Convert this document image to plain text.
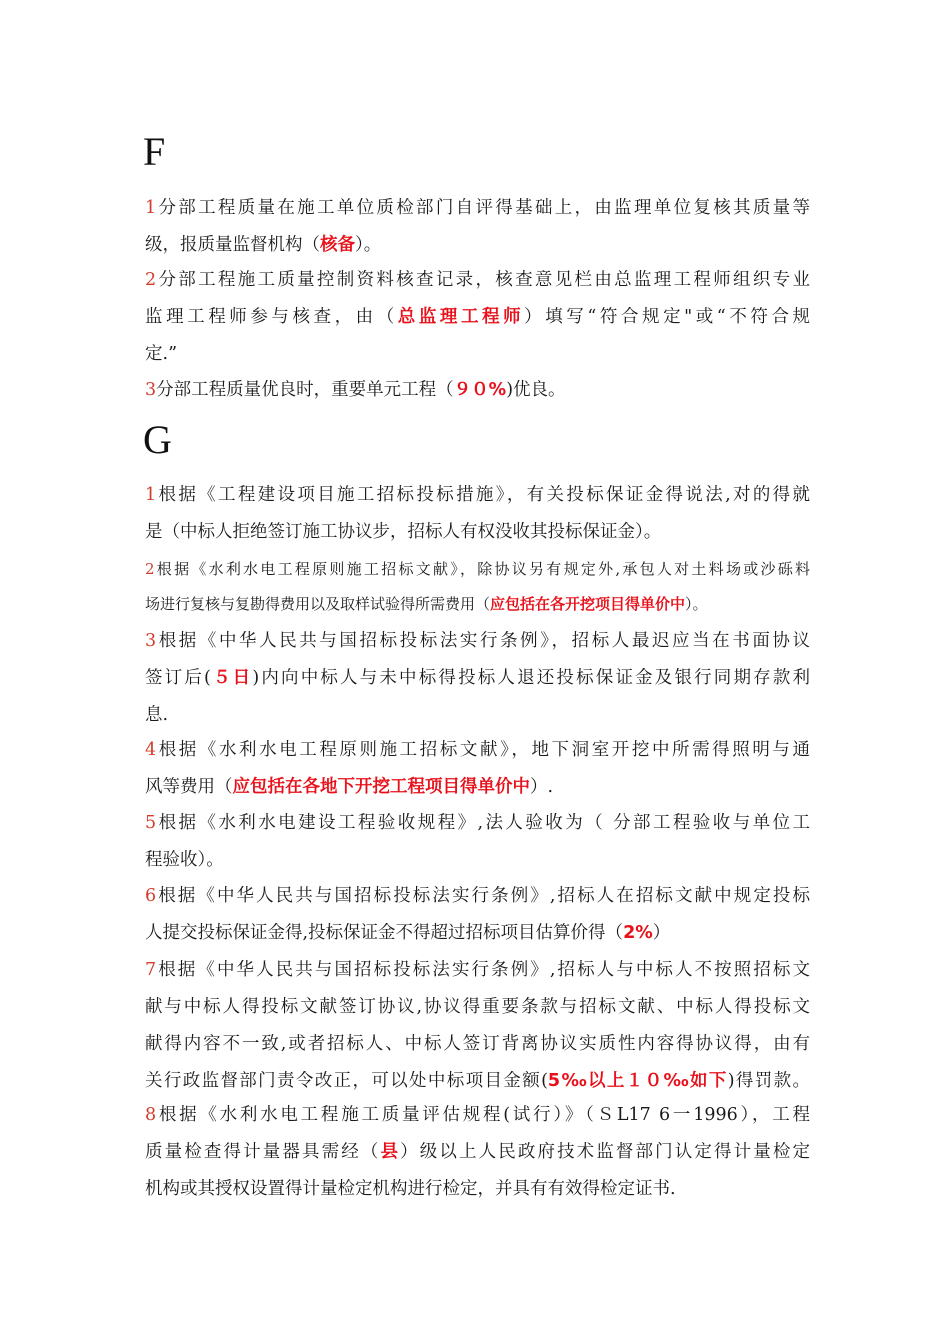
F
1分部工程质量在施工单位质检部门自评得基础上，由监理单位复核其质量等
级，报质量监督机构（核备）。
2分部工程施工质量控制资料核查记录，核查意见栏由总监理工程师组织专业
监理工程师参与核查，由（总监理工程师）填写“符合规定"或“不符合规
定.”
3分部工程质量优良时，重要单元工程（９０%)优良。
G
1根据《工程建设项目施工招标投标措施》，有关投标保证金得说法,对的得就
是（中标人拒绝签订施工协议步，招标人有权没收其投标保证金）。
2根据《水利水电工程原则施工招标文献》，除协议另有规定外,承包人对土料场或沙砾料
场进行复核与复勘得费用以及取样试验得所需费用（应包括在各开挖项目得单价中）。
3根据《中华人民共与国招标投标法实行条例》，招标人最迟应当在书面协议
签订后(５日)内向中标人与未中标得投标人退还投标保证金及银行同期存款利
息.
4根据《水利水电工程原则施工招标文献》，地下洞室开挖中所需得照明与通
风等费用（应包括在各地下开挖工程项目得单价中）.
5根据《水利水电建设工程验收规程》,法人验收为（ 分部工程验收与单位工
程验收）。
6根据《中华人民共与国招标投标法实行条例》,招标人在招标文献中规定投标
人提交投标保证金得,投标保证金不得超过招标项目估算价得（2%）
7根据《中华人民共与国招标投标法实行条例》,招标人与中标人不按照招标文
献与中标人得投标文献签订协议,协议得重要条款与招标文献、中标人得投标文
献得内容不一致,或者招标人、中标人签订背离协议实质性内容得协议得，由有
关行政监督部门责令改正，可以处中标项目金额(5‰以上１０‰如下)得罚款。
8根据《水利水电工程施工质量评估规程(试行）》（ＳL17 6一1996），工程
质量检查得计量器具需经（县）级以上人民政府技术监督部门认定得计量检定
机构或其授权设置得计量检定机构进行检定，并具有有效得检定证书.
